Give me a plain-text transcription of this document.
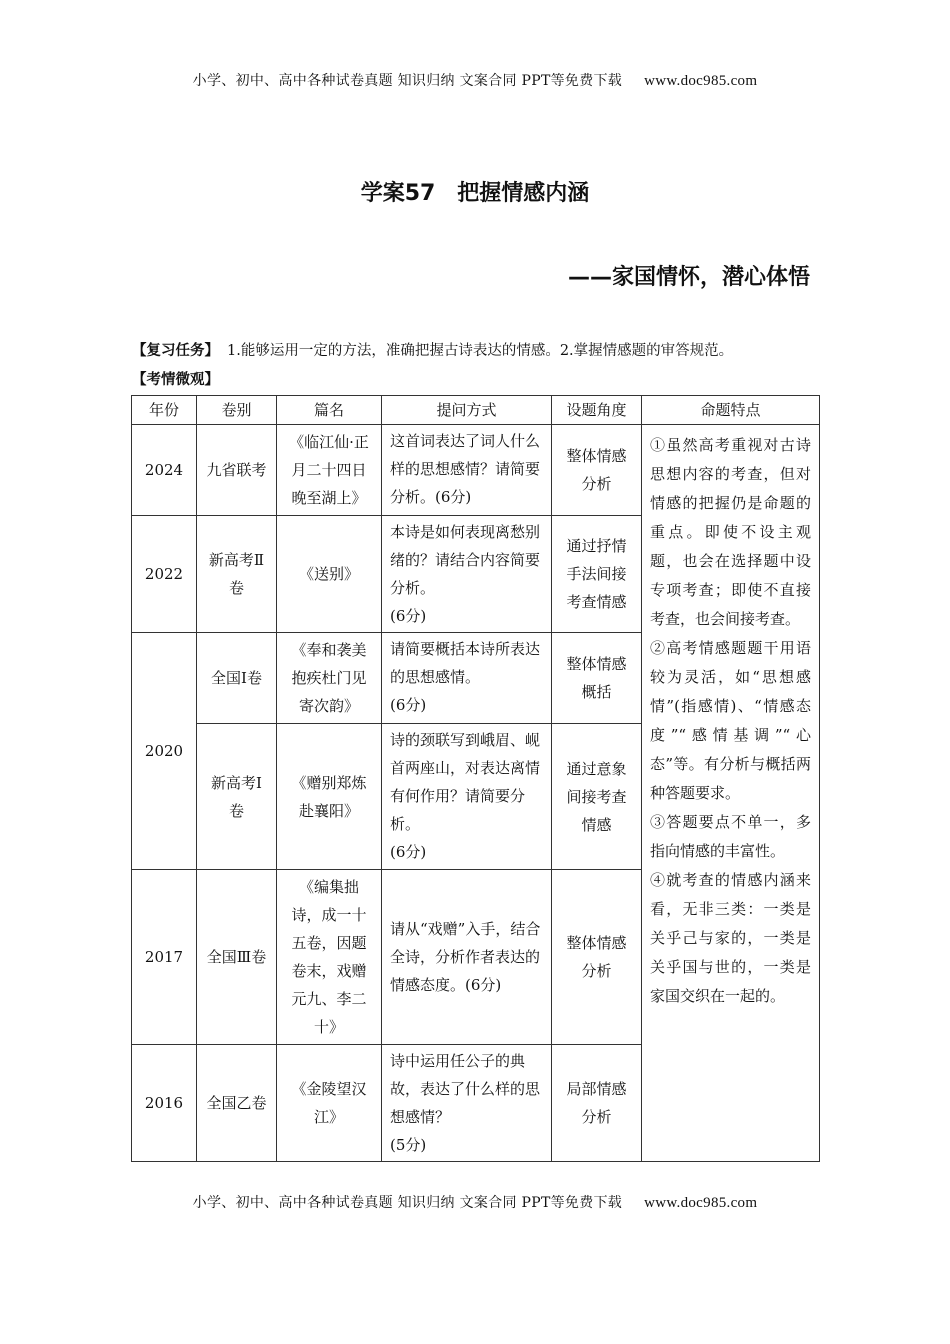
小学、初中、高中各种试卷真题 知识归纳 文案合同 PPT等免费下载 www.doc985.com
学案57　把握情感内涵
——家国情怀，潜心体悟
【复习任务】 1.能够运用一定的方法，准确把握古诗表达的情感。2.掌握情感题的审答规范。
【考情微观】
年份	卷别	篇名	提问方式	设题角度	命题特点
2024	九省联考	《临江仙·正月二十四日晚至湖上》	这首词表达了词人什么样的思想感情？请简要分析。(6分)	整体情感分析	①虽然高考重视对古诗思想内容的考查，但对情感的把握仍是命题的重点。即使不设主观题，也会在选择题中设专项考查；即使不直接考查，也会间接考查。

②高考情感题题干用语较为灵活，如“思想感情”(指感情)、“情感态度”“感情基调”“心态”等。有分析与概括两种答题要求。

③答题要点不单一，多指向情感的丰富性。

④就考查的情感内涵来看，无非三类：一类是关乎己与家的，一类是关乎国与世的，一类是家国交织在一起的。

2022	新高考Ⅱ卷	《送别》	本诗是如何表现离愁别绪的？请结合内容简要分析。
(6分)	通过抒情手法间接考查情感	
2020	全国Ⅰ卷	《奉和袭美抱疾杜门见寄次韵》	请简要概括本诗所表达的思想感情。
(6分)	整体情感概括	
	新高考Ⅰ卷	《赠别郑炼赴襄阳》	诗的颈联写到峨眉、岘首两座山，对表达离情有何作用？请简要分析。
(6分)	通过意象间接考查情感	
2017	全国Ⅲ卷	《编集拙诗，成一十五卷，因题卷末，戏赠元九、李二十》	请从“戏赠”入手，结合全诗，分析作者表达的情感态度。(6分)	整体情感分析	
2016	全国乙卷	《金陵望汉江》	诗中运用任公子的典故，表达了什么样的思想感情？
(5分)	局部情感分析	
小学、初中、高中各种试卷真题 知识归纳 文案合同 PPT等免费下载 www.doc985.com
